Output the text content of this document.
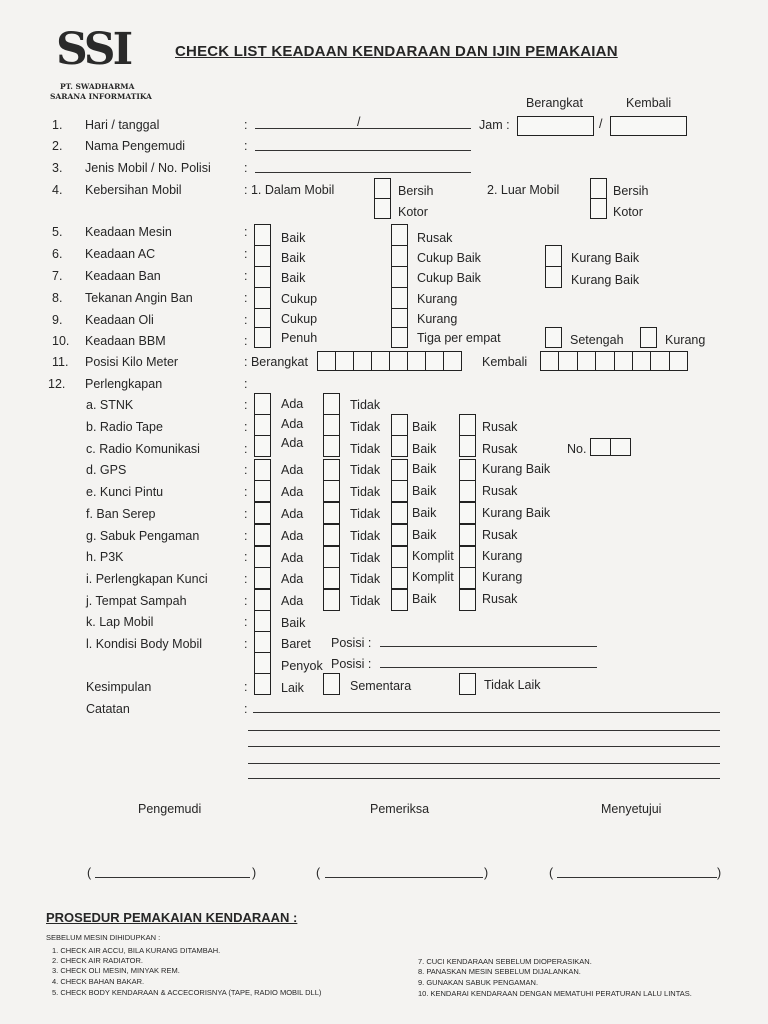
SSI
PT. SWADHARMA
SARANA INFORMATIKA
CHECK LIST KEADAAN KENDARAAN DAN IJIN PEMAKAIAN
Berangkat	Kembali
1. Hari / tanggal	:	/	Jam :	/
2. Nama Pengemudi	:
3. Jenis Mobil / No. Polisi	:
4. Kebersihan Mobil	: 1. Dalam Mobil	Bersih
Kotor
2. Luar Mobil	Bersih
Kotor
5. Keadaan Mesin	:	Baik	Rusak
6. Keadaan AC	:	Baik	Cukup Baik	Kurang Baik
7. Keadaan Ban	:	Baik	Cukup Baik	Kurang Baik
8. Tekanan Angin Ban	:	Cukup	Kurang
9. Keadaan Oli	:	Cukup	Kurang
10. Keadaan BBM	:	Penuh	Tiga per empat	Setengah	Kurang
11. Posisi Kilo Meter	: Berangkat	Kembali
12. Perlengkapan	:
a. STNK	:	Ada	Tidak
b. Radio Tape	:	Ada	Tidak	Baik	Rusak
c. Radio Komunikasi	:	Ada	Tidak	Baik	Rusak	No.
d. GPS	:	Ada	Tidak	Baik	Kurang Baik
e. Kunci Pintu	:	Ada	Tidak	Baik	Rusak
f. Ban Serep	:	Ada	Tidak	Baik	Kurang Baik
g. Sabuk Pengaman	:	Ada	Tidak	Baik	Rusak
h. P3K	:	Ada	Tidak	Komplit Kurang
i. Perlengkapan Kunci	:	Ada	Tidak	Komplit Kurang
j. Tempat Sampah	:	Ada	Tidak	Baik	Rusak
k. Lap Mobil	:	Baik
l. Kondisi Body Mobil	:	Baret Posisi :
Penyok Posisi :
Kesimpulan	:	Laik	Sementara	Tidak Laik
Catatan	:
Pengemudi	Pemeriksa	Menyetujui
(	)	(	)	(	)
PROSEDUR PEMAKAIAN KENDARAAN :
SEBELUM MESIN DIHIDUPKAN :
1. CHECK AIR ACCU, BILA KURANG DITAMBAH.
2. CHECK AIR RADIATOR.
3. CHECK OLI MESIN, MINYAK REM.
4. CHECK BAHAN BAKAR.
5. CHECK BODY KENDARAAN & ACCECORISNYA (TAPE, RADIO MOBIL DLL)
7. CUCI KENDARAAN SEBELUM DIOPERASIKAN.
8. PANASKAN MESIN SEBELUM DIJALANKAN.
9. GUNAKAN SABUK PENGAMAN.
10. KENDARAI KENDARAAN DENGAN MEMATUHI PERATURAN LALU LINTAS.
